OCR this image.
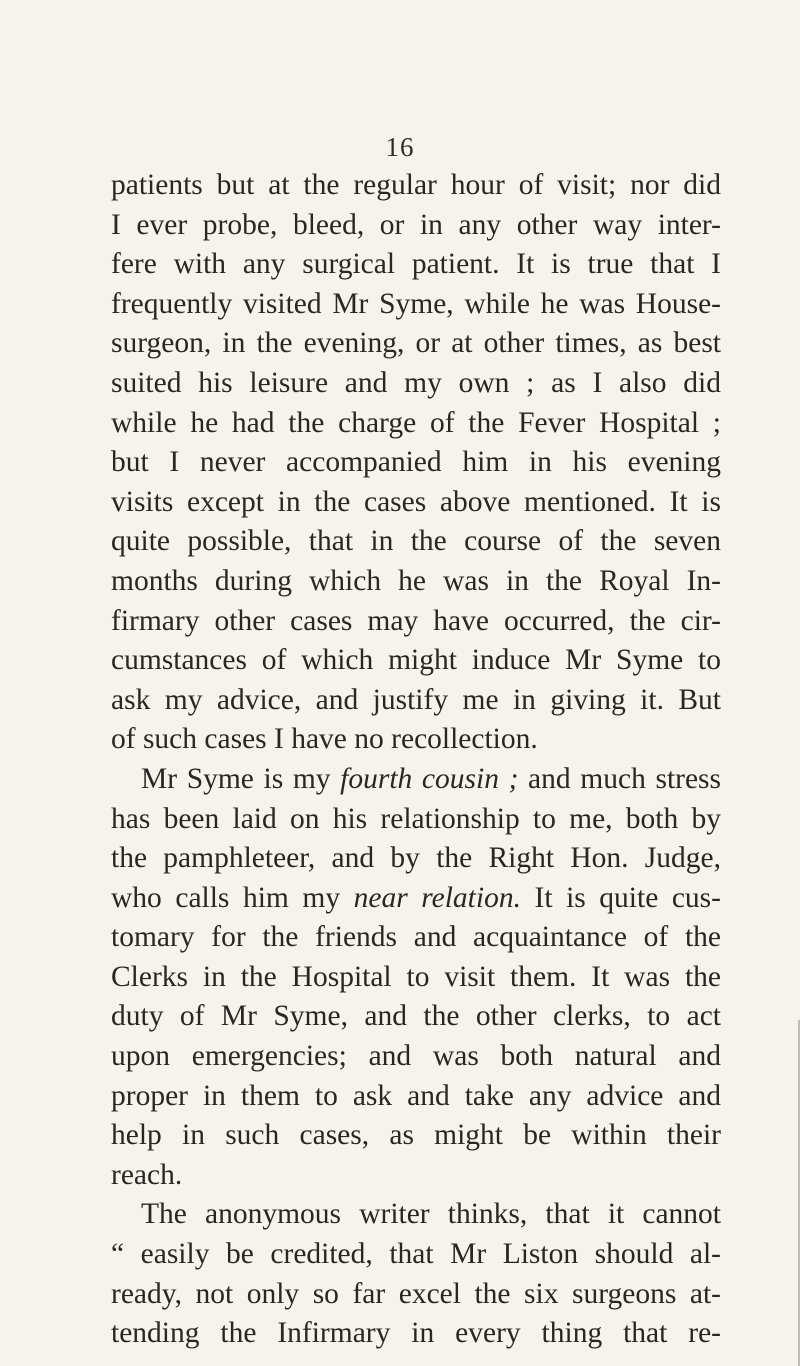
16
patients but at the regular hour of visit; nor did
I ever probe, bleed, or in any other way inter-
fere with any surgical patient. It is true that I
frequently visited Mr Syme, while he was House-
surgeon, in the evening, or at other times, as best
suited his leisure and my own ; as I also did
while he had the charge of the Fever Hospital ;
but I never accompanied him in his evening
visits except in the cases above mentioned. It is
quite possible, that in the course of the seven
months during which he was in the Royal In-
firmary other cases may have occurred, the cir-
cumstances of which might induce Mr Syme to
ask my advice, and justify me in giving it. But
of such cases I have no recollection.
Mr Syme is my fourth cousin ; and much stress
has been laid on his relationship to me, both by
the pamphleteer, and by the Right Hon. Judge,
who calls him my near relation. It is quite cus-
tomary for the friends and acquaintance of the
Clerks in the Hospital to visit them. It was the
duty of Mr Syme, and the other clerks, to act
upon emergencies; and was both natural and
proper in them to ask and take any advice and
help in such cases, as might be within their
reach.
The anonymous writer thinks, that it cannot
“ easily be credited, that Mr Liston should al-
ready, not only so far excel the six surgeons at-
tending the Infirmary in every thing that re-
